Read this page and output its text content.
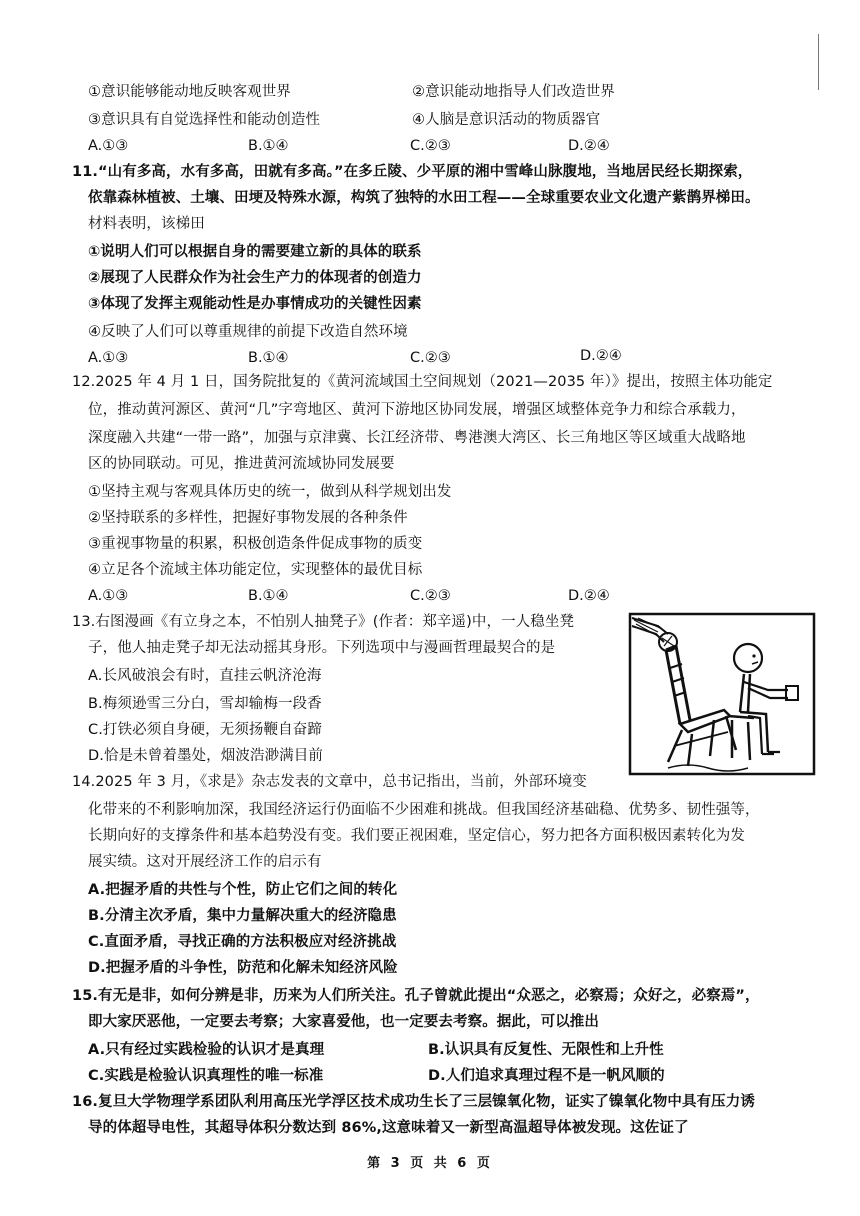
①意识能够能动地反映客观世界	②意识能动地指导人们改造世界
③意识具有自觉选择性和能动创造性	④人脑是意识活动的物质器官
A.①③	B.①④	C.②③	D.②④
11.“山有多高，水有多高，田就有多高。”在多丘陵、少平原的湘中雪峰山脉腹地，当地居民经长期探索，
依靠森林植被、土壤、田埂及特殊水源，构筑了独特的水田工程——全球重要农业文化遗产紫鹊界梯田。
材料表明，该梯田
①说明人们可以根据自身的需要建立新的具体的联系
②展现了人民群众作为社会生产力的体现者的创造力
③体现了发挥主观能动性是办事情成功的关键性因素
④反映了人们可以尊重规律的前提下改造自然环境
A.①③	B.①④	C.②③	D.②④
12.2025 年 4 月 1 日，国务院批复的《黄河流域国土空间规划（2021—2035 年）》提出，按照主体功能定
位，推动黄河源区、黄河“几”字弯地区、黄河下游地区协同发展，增强区域整体竞争力和综合承载力，
深度融入共建“一带一路”，加强与京津冀、长江经济带、粤港澳大湾区、长三角地区等区域重大战略地
区的协同联动。可见，推进黄河流域协同发展要
①坚持主观与客观具体历史的统一，做到从科学规划出发
②坚持联系的多样性，把握好事物发展的各种条件
③重视事物量的积累，积极创造条件促成事物的质变
④立足各个流域主体功能定位，实现整体的最优目标
A.①③	B.①④	C.②③	D.②④
13.右图漫画《有立身之本，不怕别人抽凳子》(作者：郑辛遥)中，一人稳坐凳
子，他人抽走凳子却无法动摇其身形。下列选项中与漫画哲理最契合的是
A.长风破浪会有时，直挂云帆济沧海
B.梅须逊雪三分白，雪却输梅一段香
C.打铁必须自身硬，无须扬鞭自奋蹄
D.恰是未曾着墨处，烟波浩渺满目前
14.2025 年 3 月，《求是》杂志发表的文章中，总书记指出，当前，外部环境变
化带来的不利影响加深，我国经济运行仍面临不少困难和挑战。但我国经济基础稳、优势多、韧性强等，
长期向好的支撑条件和基本趋势没有变。我们要正视困难，坚定信心，努力把各方面积极因素转化为发
展实绩。这对开展经济工作的启示有
A.把握矛盾的共性与个性，防止它们之间的转化
B.分清主次矛盾，集中力量解决重大的经济隐患
C.直面矛盾，寻找正确的方法积极应对经济挑战
D.把握矛盾的斗争性，防范和化解未知经济风险
15.有无是非，如何分辨是非，历来为人们所关注。孔子曾就此提出“众恶之，必察焉；众好之，必察焉”，
即大家厌恶他，一定要去考察；大家喜爱他，也一定要去考察。据此，可以推出
A.只有经过实践检验的认识才是真理	B.认识具有反复性、无限性和上升性
C.实践是检验认识真理性的唯一标准	D.人们追求真理过程不是一帆风顺的
16.复旦大学物理学系团队利用高压光学浮区技术成功生长了三层镍氧化物，证实了镍氧化物中具有压力诱
导的体超导电性，其超导体积分数达到 86%,这意味着又一新型高温超导体被发现。这佐证了
第 3 页 共 6 页
